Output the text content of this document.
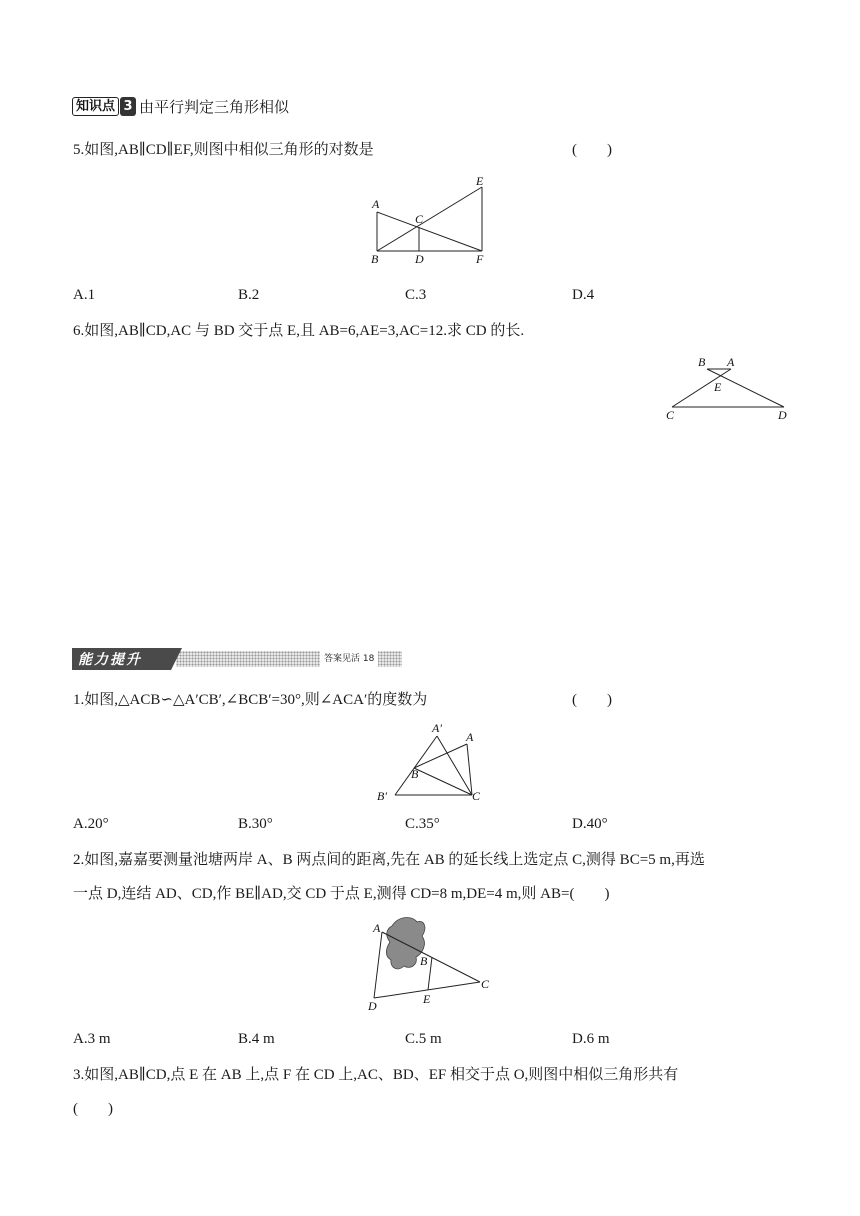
知识点 3 由平行判定三角形相似
5.如图,AB∥CD∥EF,则图中相似三角形的对数是	(　　)
A
B
C
D
E
F
A.1	B.2	C.3	D.4
6.如图,AB∥CD,AC 与 BD 交于点 E,且 AB=6,AE=3,AC=12.求 CD 的长.
B A
E
C	D
能力提升	答案见活 18
1.如图,△ACB∽△A′CB′,∠BCB′=30°,则∠ACA′的度数为	(　　)
A′
A
B
B′	C
A.20°	B.30°	C.35°	D.40°
2.如图,嘉嘉要测量池塘两岸 A、B 两点间的距离,先在 AB 的延长线上选定点 C,测得 BC=5 m,再选
一点 D,连结 AD、CD,作 BE∥AD,交 CD 于点 E,测得 CD=8 m,DE=4 m,则 AB=(　　)
A
B
C
D	E
A.3 m	B.4 m	C.5 m	D.6 m
3.如图,AB∥CD,点 E 在 AB 上,点 F 在 CD 上,AC、BD、EF 相交于点 O,则图中相似三角形共有
(　　)
